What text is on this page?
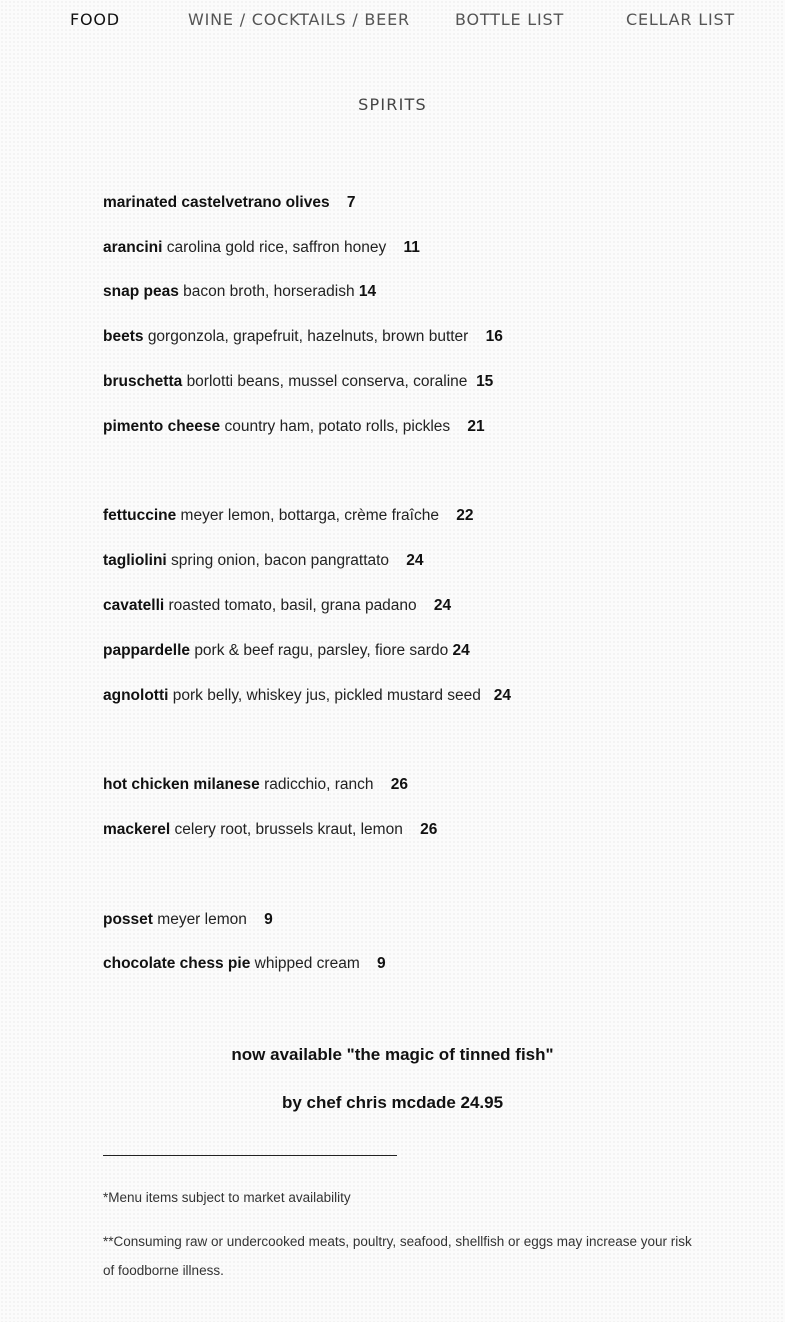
FOOD	WINE / COCKTAILS / BEER	BOTTLE LIST	CELLAR LIST
SPIRITS
marinated castelvetrano olives 7
arancini carolina gold rice, saffron honey 11
snap peas bacon broth, horseradish 14
beets gorgonzola, grapefruit, hazelnuts, brown butter 16
bruschetta borlotti beans, mussel conserva, coraline 15
pimento cheese country ham, potato rolls, pickles 21
fettuccine meyer lemon, bottarga, crème fraîche 22
tagliolini spring onion, bacon pangrattato 24
cavatelli roasted tomato, basil, grana padano 24
pappardelle pork & beef ragu, parsley, fiore sardo 24
agnolotti pork belly, whiskey jus, pickled mustard seed 24
hot chicken milanese radicchio, ranch 26
mackerel celery root, brussels kraut, lemon 26
posset meyer lemon 9
chocolate chess pie whipped cream 9
now available "the magic of tinned fish"
by chef chris mcdade 24.95
*Menu items subject to market availability
**Consuming raw or undercooked meats, poultry, seafood, shellfish or eggs may increase your risk of foodborne illness.
